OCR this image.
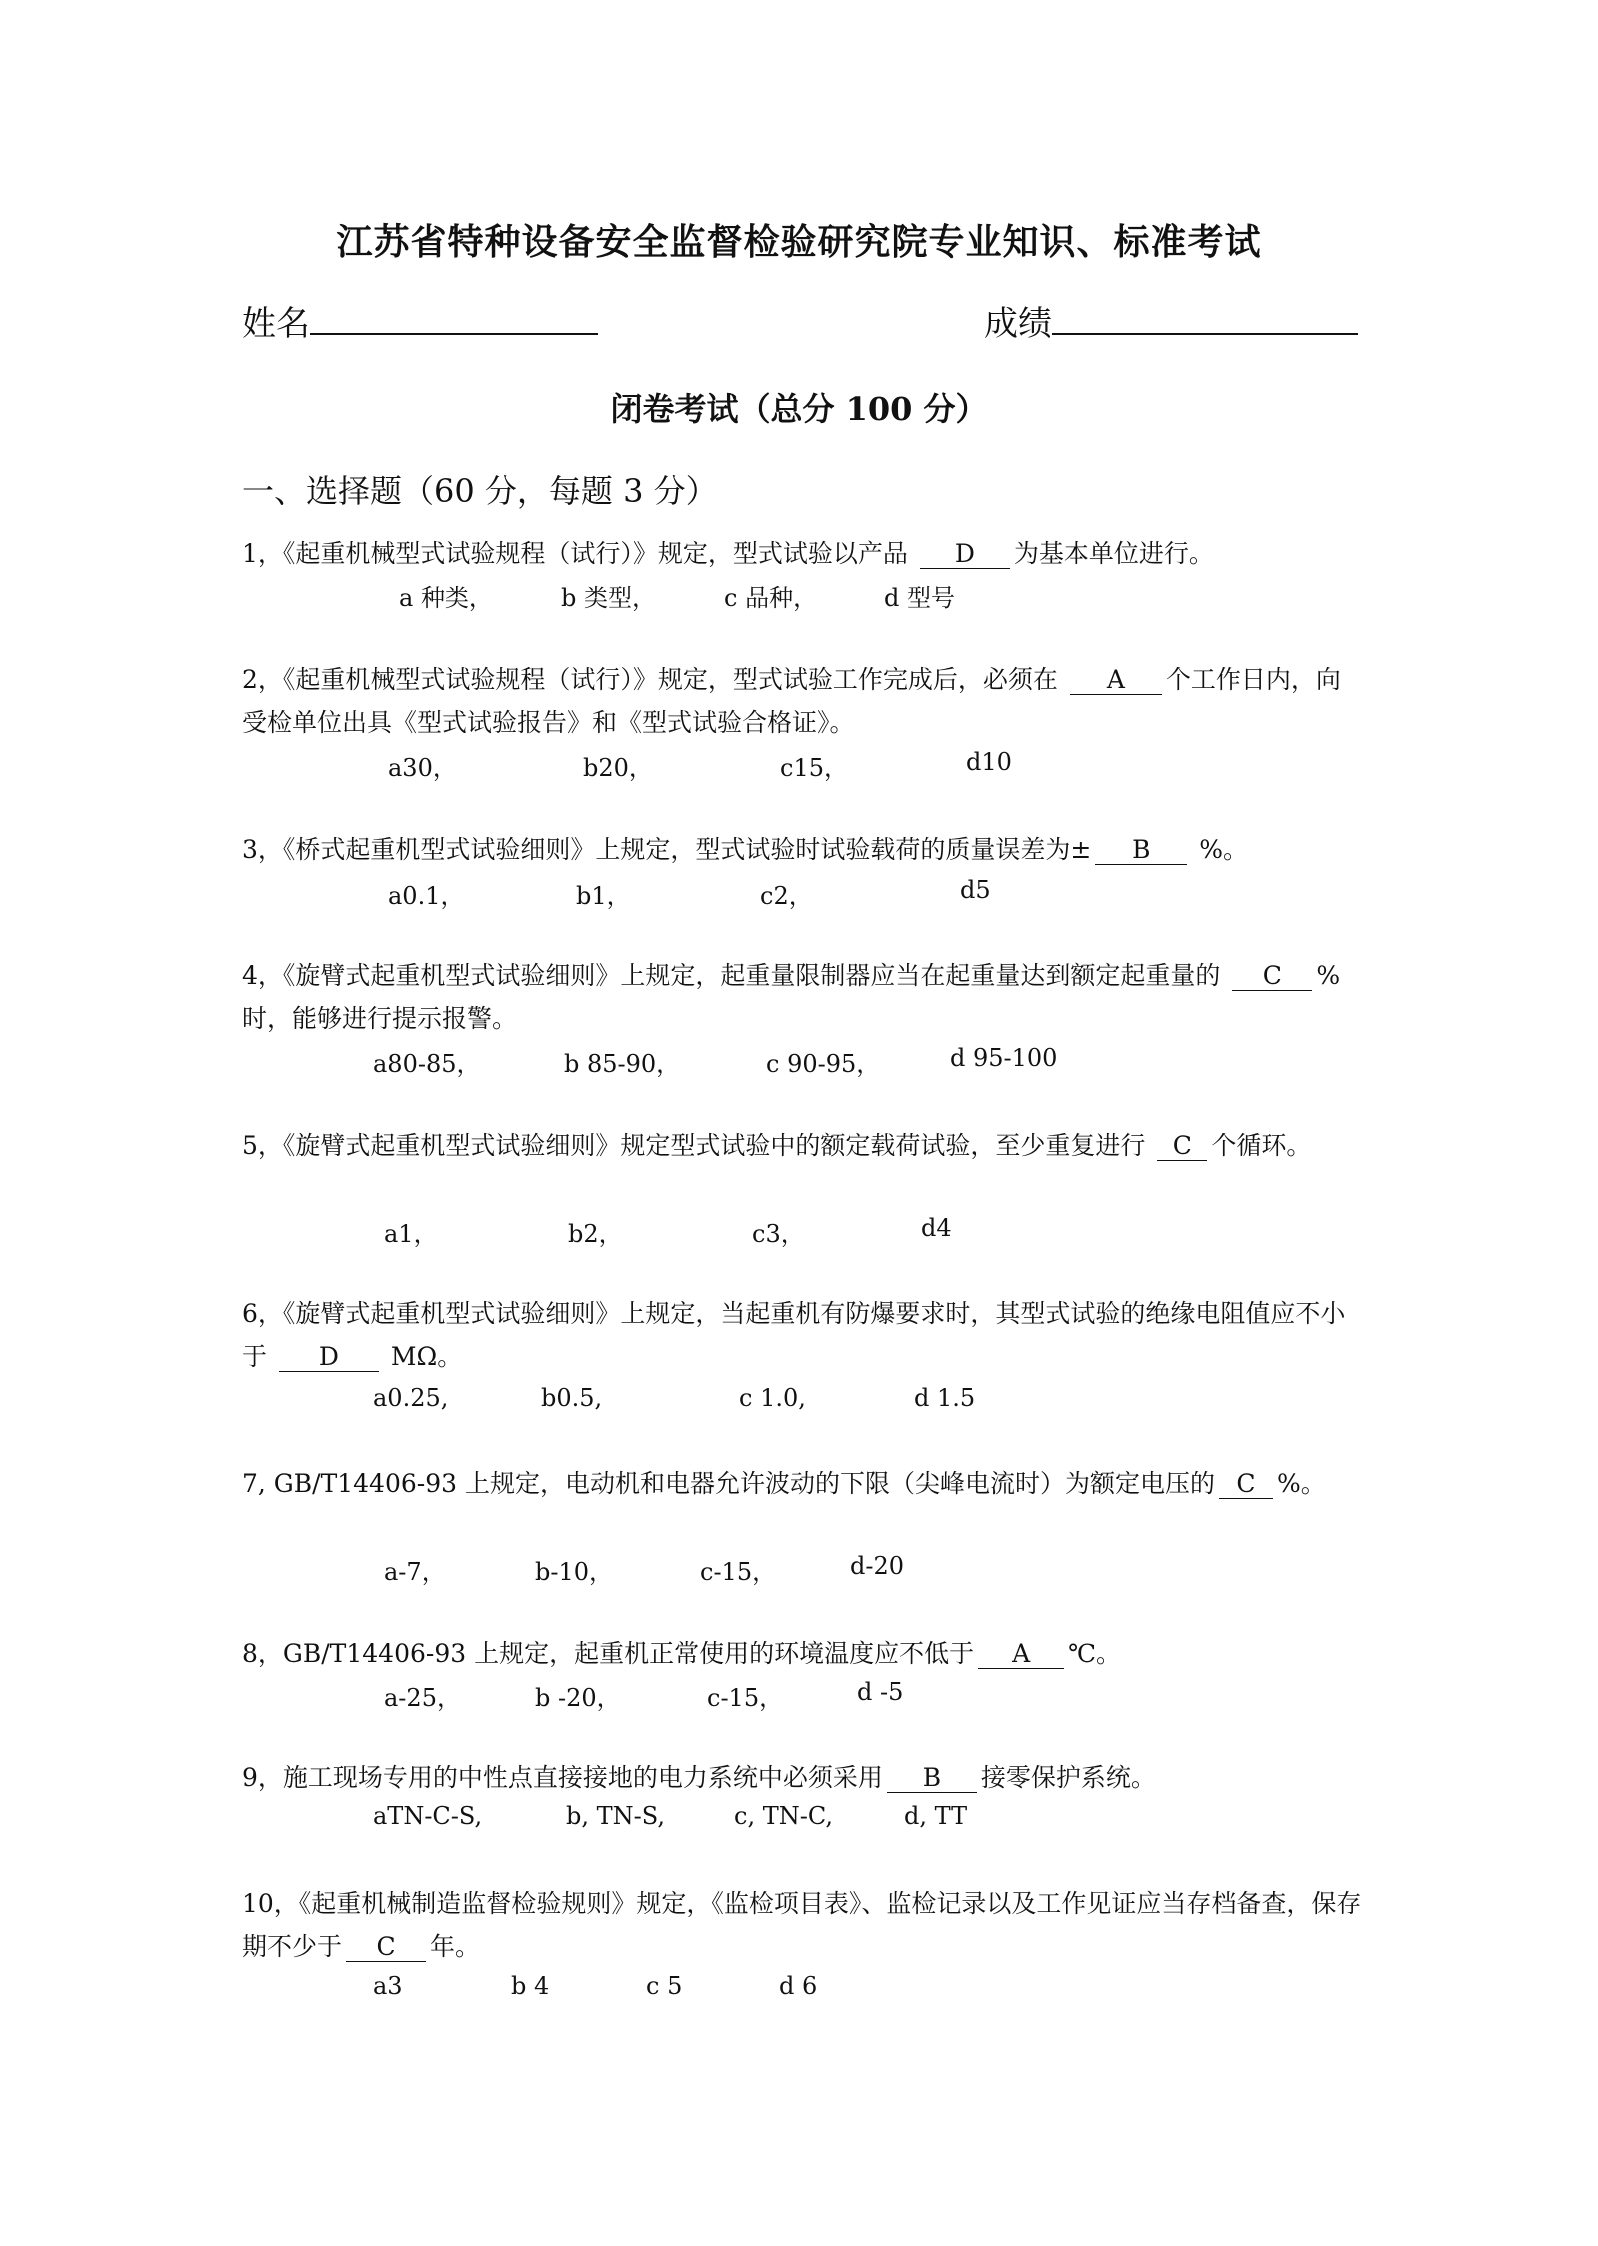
江苏省特种设备安全监督检验研究院专业知识、标准考试
姓名	成绩
闭卷考试（总分 100 分）
一、选择题（60 分，每题 3 分）
1，《起重机械型式试验规程（试行）》规定，型式试验以产品 D 为基本单位进行。
a 种类，	b 类型，	c 品种，	d 型号
2，《起重机械型式试验规程（试行）》规定，型式试验工作完成后，必须在 A 个工作日内，向受检单位出具《型式试验报告》和《型式试验合格证》。
a30，	b20，	c15，	d10
3，《桥式起重机型式试验细则》上规定，型式试验时试验载荷的质量误差为± B %。
a0.1，	b1，	c2，	d5
4，《旋臂式起重机型式试验细则》上规定，起重量限制器应当在起重量达到额定起重量的 C % 时，能够进行提示报警。
a80-85，	b 85-90，	c 90-95，	d 95-100
5，《旋臂式起重机型式试验细则》规定型式试验中的额定载荷试验，至少重复进行 C 个循环。
a1，	b2，	c3，	d4
6，《旋臂式起重机型式试验细则》上规定，当起重机有防爆要求时，其型式试验的绝缘电阻值应不小于 D MΩ。
a0.25,	b0.5,	c 1.0,	d 1.5
7, GB/T14406-93 上规定，电动机和电器允许波动的下限（尖峰电流时）为额定电压的 C %。
a-7，	b-10，	c-15，	d-20
8，GB/T14406-93 上规定，起重机正常使用的环境温度应不低于 A ℃。
a-25，	b -20，	c-15，	d -5
9，施工现场专用的中性点直接接地的电力系统中必须采用 B 接零保护系统。
aTN-C-S,	b, TN-S,	c, TN-C,	d, TT
10，《起重机械制造监督检验规则》规定，《监检项目表》、监检记录以及工作见证应当存档备查，保存期不少于 C 年。
a3	b 4	c 5	d 6
